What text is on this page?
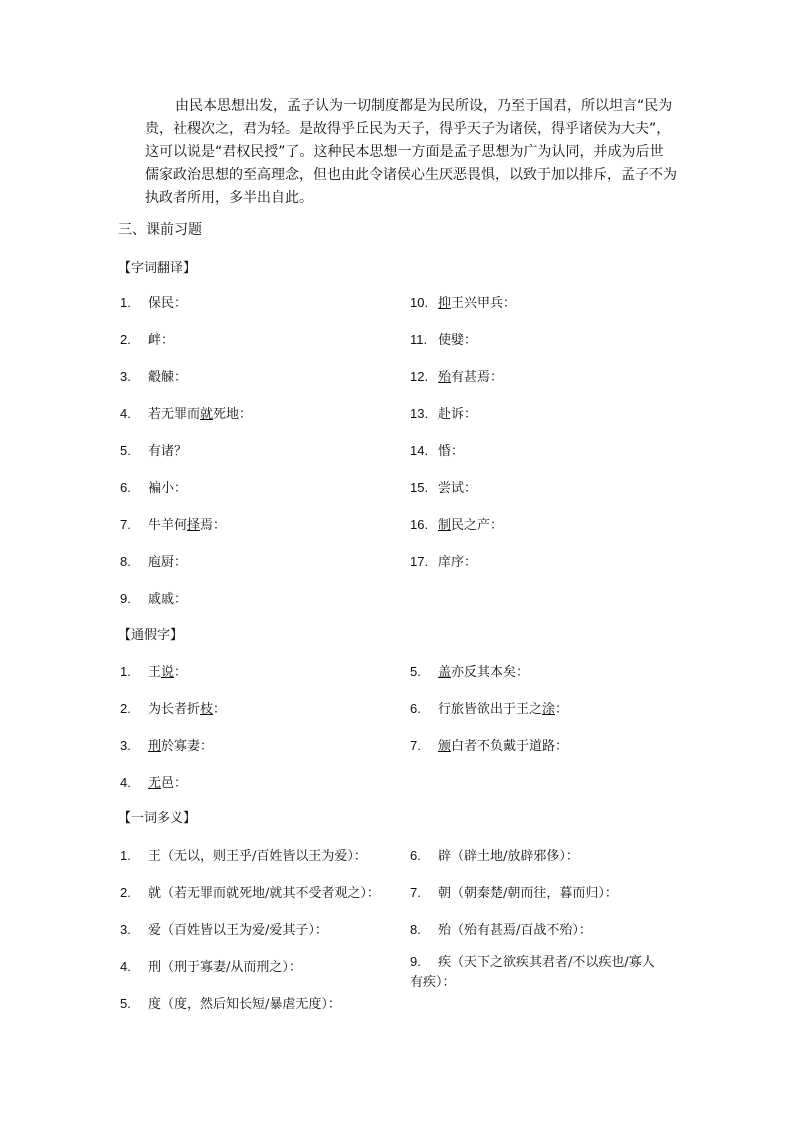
由民本思想出发，孟子认为一切制度都是为民所设，乃至于国君，所以坦言“民为
贵，社稷次之，君为轻。是故得乎丘民为天子，得乎天子为诸侯，得乎诸侯为大夫”，
这可以说是“君权民授”了。这种民本思想一方面是孟子思想为广为认同，并成为后世
儒家政治思想的至高理念，但也由此令诸侯心生厌恶畏惧，以致于加以排斥，孟子不为
执政者所用，多半出自此。
三、课前习题
【字词翻译】
1. 保民：
2. 衅：
3. 觳觫：
4. 若无罪而就死地：
5. 有诸？
6. 褊小：
7. 牛羊何择焉：
8. 庖厨：
9. 戚戚：
10. 抑王兴甲兵：
11. 使嬖：
12. 殆有甚焉：
13. 赴诉：
14. 惛：
15. 尝试：
16. 制民之产：
17. 庠序：
【通假字】
1. 王说：
2. 为长者折枝：
3. 刑於寡妻：
4. 无邑：
5. 盖亦反其本矣：
6. 行旅皆欲出于王之涂：
7. 颁白者不负戴于道路：
【一词多义】
1. 王（无以，则王乎/百姓皆以王为爱）：
2. 就（若无罪而就死地/就其不受者观之）：
3. 爱（百姓皆以王为爱/爱其子）：
4. 刑（刑于寡妻/从而刑之）：
5. 度（度，然后知长短/暴虐无度）：
6. 辟（辟土地/放辟邪侈）：
7. 朝（朝秦楚/朝而往，暮而归）：
8. 殆（殆有甚焉/百战不殆）：
9. 疾（天下之欲疾其君者/不以疾也/寡人
有疾）：
